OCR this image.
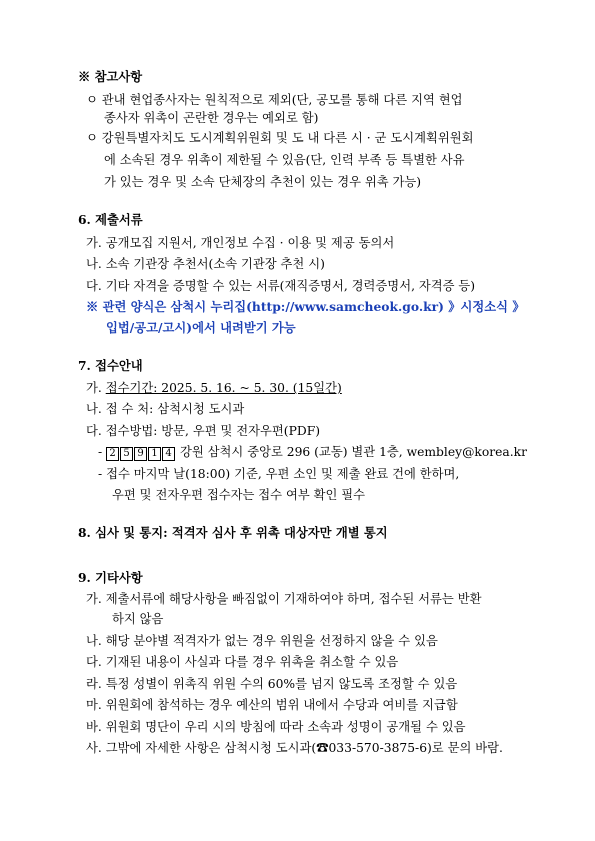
※ 참고사항
ㅇ 관내 현업종사자는 원칙적으로 제외(단, 공모를 통해 다른 지역 현업
종사자 위촉이 곤란한 경우는 예외로 함)
ㅇ 강원특별자치도 도시계획위원회 및 도 내 다른 시 · 군 도시계획위원회
에 소속된 경우 위촉이 제한될 수 있음(단, 인력 부족 등 특별한 사유
가 있는 경우 및 소속 단체장의 추천이 있는 경우 위촉 가능)
6. 제출서류
가. 공개모집 지원서, 개인정보 수집 · 이용 및 제공 동의서
나. 소속 기관장 추천서(소속 기관장 추천 시)
다. 기타 자격을 증명할 수 있는 서류(재직증명서, 경력증명서, 자격증 등)
※ 관련 양식은 삼척시 누리집(http://www.samcheok.go.kr) 》시정소식 》
입법/공고/고시)에서 내려받기 가능
7. 접수안내
가. 접수기간: 2025. 5. 16. ~ 5. 30. (15일간)
나. 접 수 처: 삼척시청 도시과
다. 접수방법: 방문, 우편 및 전자우편(PDF)
- 2 5 9 1 4 강원 삼척시 중앙로 296 (교동) 별관 1층, wembley@korea.kr
- 접수 마지막 날(18:00) 기준, 우편 소인 및 제출 완료 건에 한하며,
우편 및 전자우편 접수자는 접수 여부 확인 필수
8. 심사 및 통지: 적격자 심사 후 위촉 대상자만 개별 통지
9. 기타사항
가. 제출서류에 해당사항을 빠짐없이 기재하여야 하며, 접수된 서류는 반환
하지 않음
나. 해당 분야별 적격자가 없는 경우 위원을 선정하지 않을 수 있음
다. 기재된 내용이 사실과 다를 경우 위촉을 취소할 수 있음
라. 특정 성별이 위촉직 위원 수의 60%를 넘지 않도록 조정할 수 있음
마. 위원회에 참석하는 경우 예산의 범위 내에서 수당과 여비를 지급함
바. 위원회 명단이 우리 시의 방침에 따라 소속과 성명이 공개될 수 있음
사. 그밖에 자세한 사항은 삼척시청 도시과(☎033-570-3875-6)로 문의 바람.
